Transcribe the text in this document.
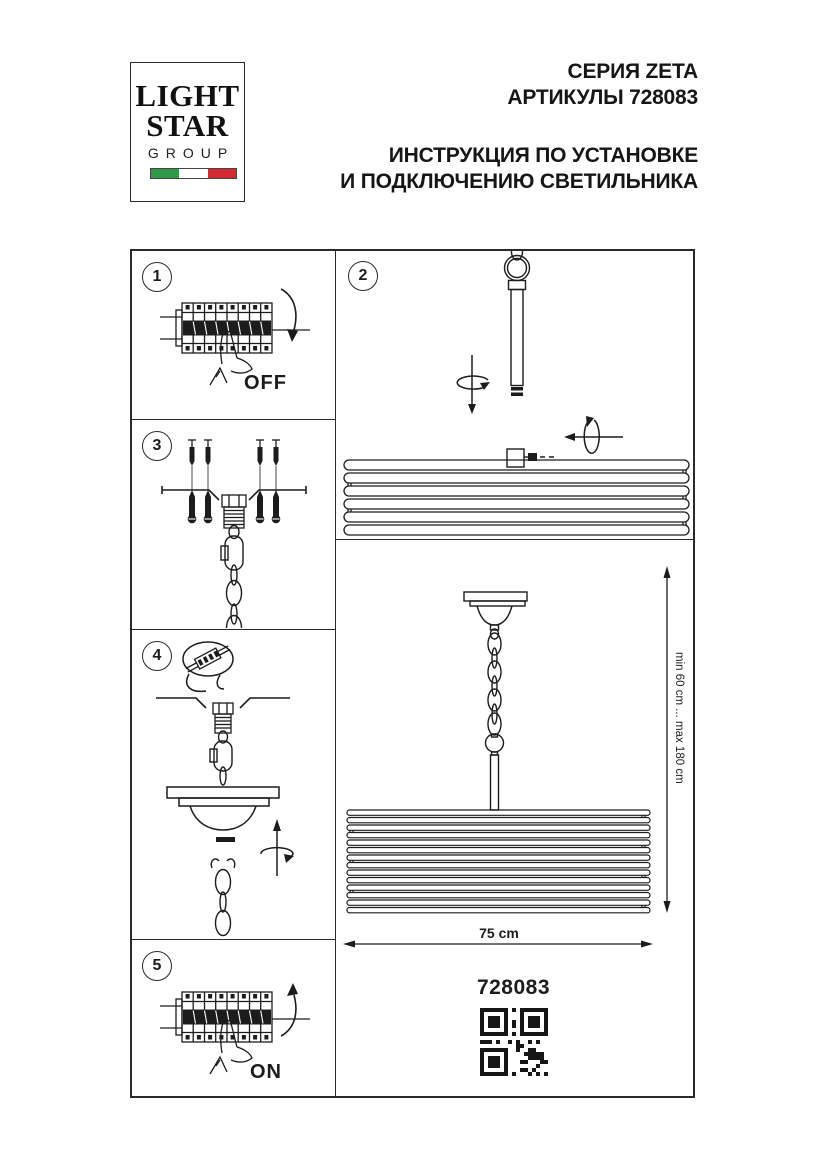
LIGHT
STAR
GROUP
СЕРИЯ ZETA
АРТИКУЛЫ 728083
ИНСТРУКЦИЯ ПО УСТАНОВКЕ
И ПОДКЛЮЧЕНИЮ СВЕТИЛЬНИКА
1
OFF
3
4
5
ON
2
min 60 cm ... max 180 cm
75 cm
728083
